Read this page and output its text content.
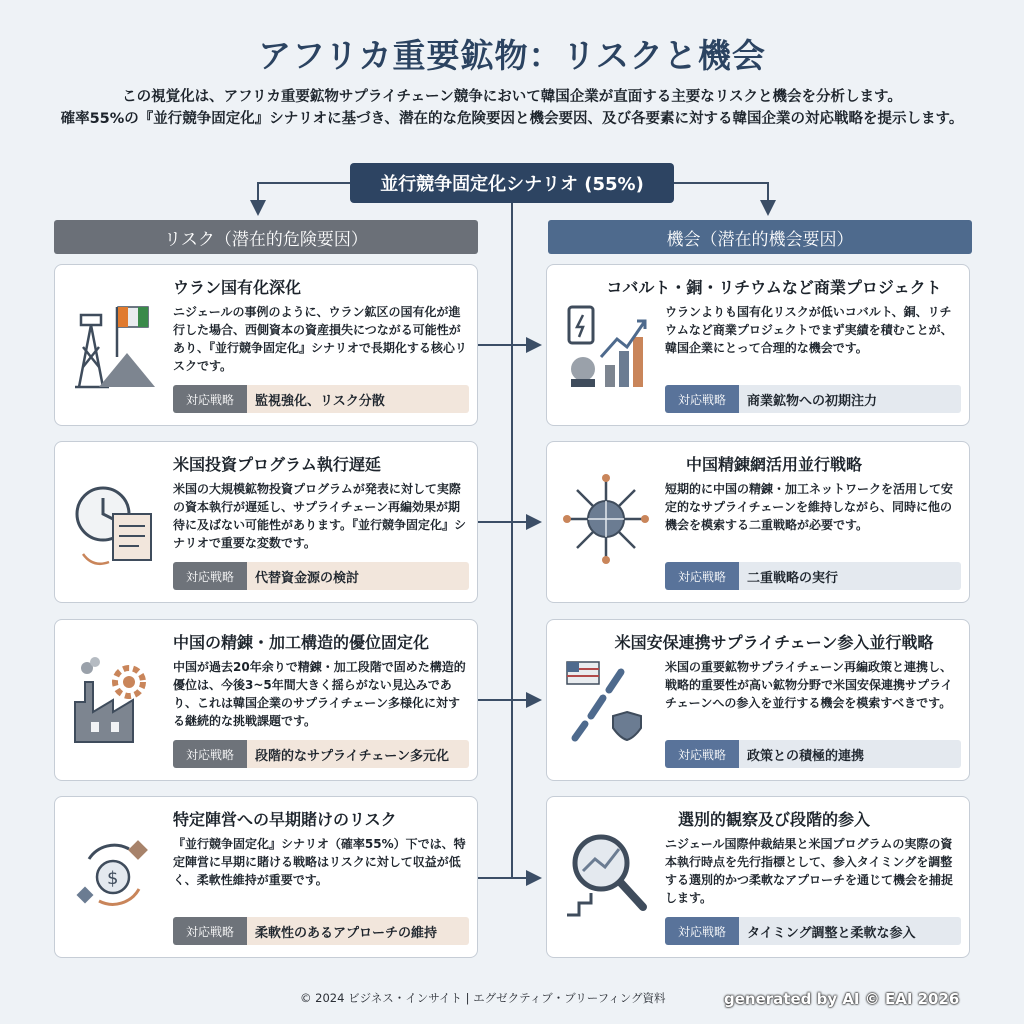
アフリカ重要鉱物：リスクと機会
この視覚化は、アフリカ重要鉱物サプライチェーン競争において韓国企業が直面する主要なリスクと機会を分析します。
確率55%の『並行競争固定化』シナリオに基づき、潜在的な危険要因と機会要因、及び各要素に対する韓国企業の対応戦略を提示します。
並行競争固定化シナリオ (55%)
リスク（潜在的危険要因）	機会（潜在的機会要因）
ウラン国有化深化
ニジェールの事例のように、ウラン鉱区の国有化が進行した場合、西側資本の資産損失につながる可能性があり、『並行競争固定化』シナリオで長期化する核心リスクです。
対応戦略	監視強化、リスク分散
米国投資プログラム執行遅延
米国の大規模鉱物投資プログラムが発表に対して実際の資本執行が遅延し、サプライチェーン再編効果が期待に及ばない可能性があります。『並行競争固定化』シナリオで重要な変数です。
対応戦略	代替資金源の検討
中国の精錬・加工構造的優位固定化
中国が過去20年余りで精錬・加工段階で固めた構造的優位は、今後3~5年間大きく揺らがない見込みであり、これは韓国企業のサプライチェーン多様化に対する継続的な挑戦課題です。
対応戦略	段階的なサプライチェーン多元化
$
特定陣営への早期賭けのリスク
『並行競争固定化』シナリオ（確率55%）下では、特定陣営に早期に賭ける戦略はリスクに対して収益が低く、柔軟性維持が重要です。
対応戦略	柔軟性のあるアプローチの維持
コバルト・銅・リチウムなど商業プロジェクト
ウランよりも国有化リスクが低いコバルト、銅、リチウムなど商業プロジェクトでまず実績を積むことが、韓国企業にとって合理的な機会です。
対応戦略	商業鉱物への初期注力
中国精錬網活用並行戦略
短期的に中国の精錬・加工ネットワークを活用して安定的なサプライチェーンを維持しながら、同時に他の機会を模索する二重戦略が必要です。
対応戦略	二重戦略の実行
米国安保連携サプライチェーン参入並行戦略
米国の重要鉱物サプライチェーン再編政策と連携し、戦略的重要性が高い鉱物分野で米国安保連携サプライチェーンへの参入を並行する機会を模索すべきです。
対応戦略	政策との積極的連携
選別的観察及び段階的参入
ニジェール国際仲裁結果と米国プログラムの実際の資本執行時点を先行指標として、参入タイミングを調整する選別的かつ柔軟なアプローチを通じて機会を捕捉します。
対応戦略	タイミング調整と柔軟な参入
© 2024 ビジネス・インサイト | エグゼクティブ・ブリーフィング資料	generated by AI © EAI 2026
